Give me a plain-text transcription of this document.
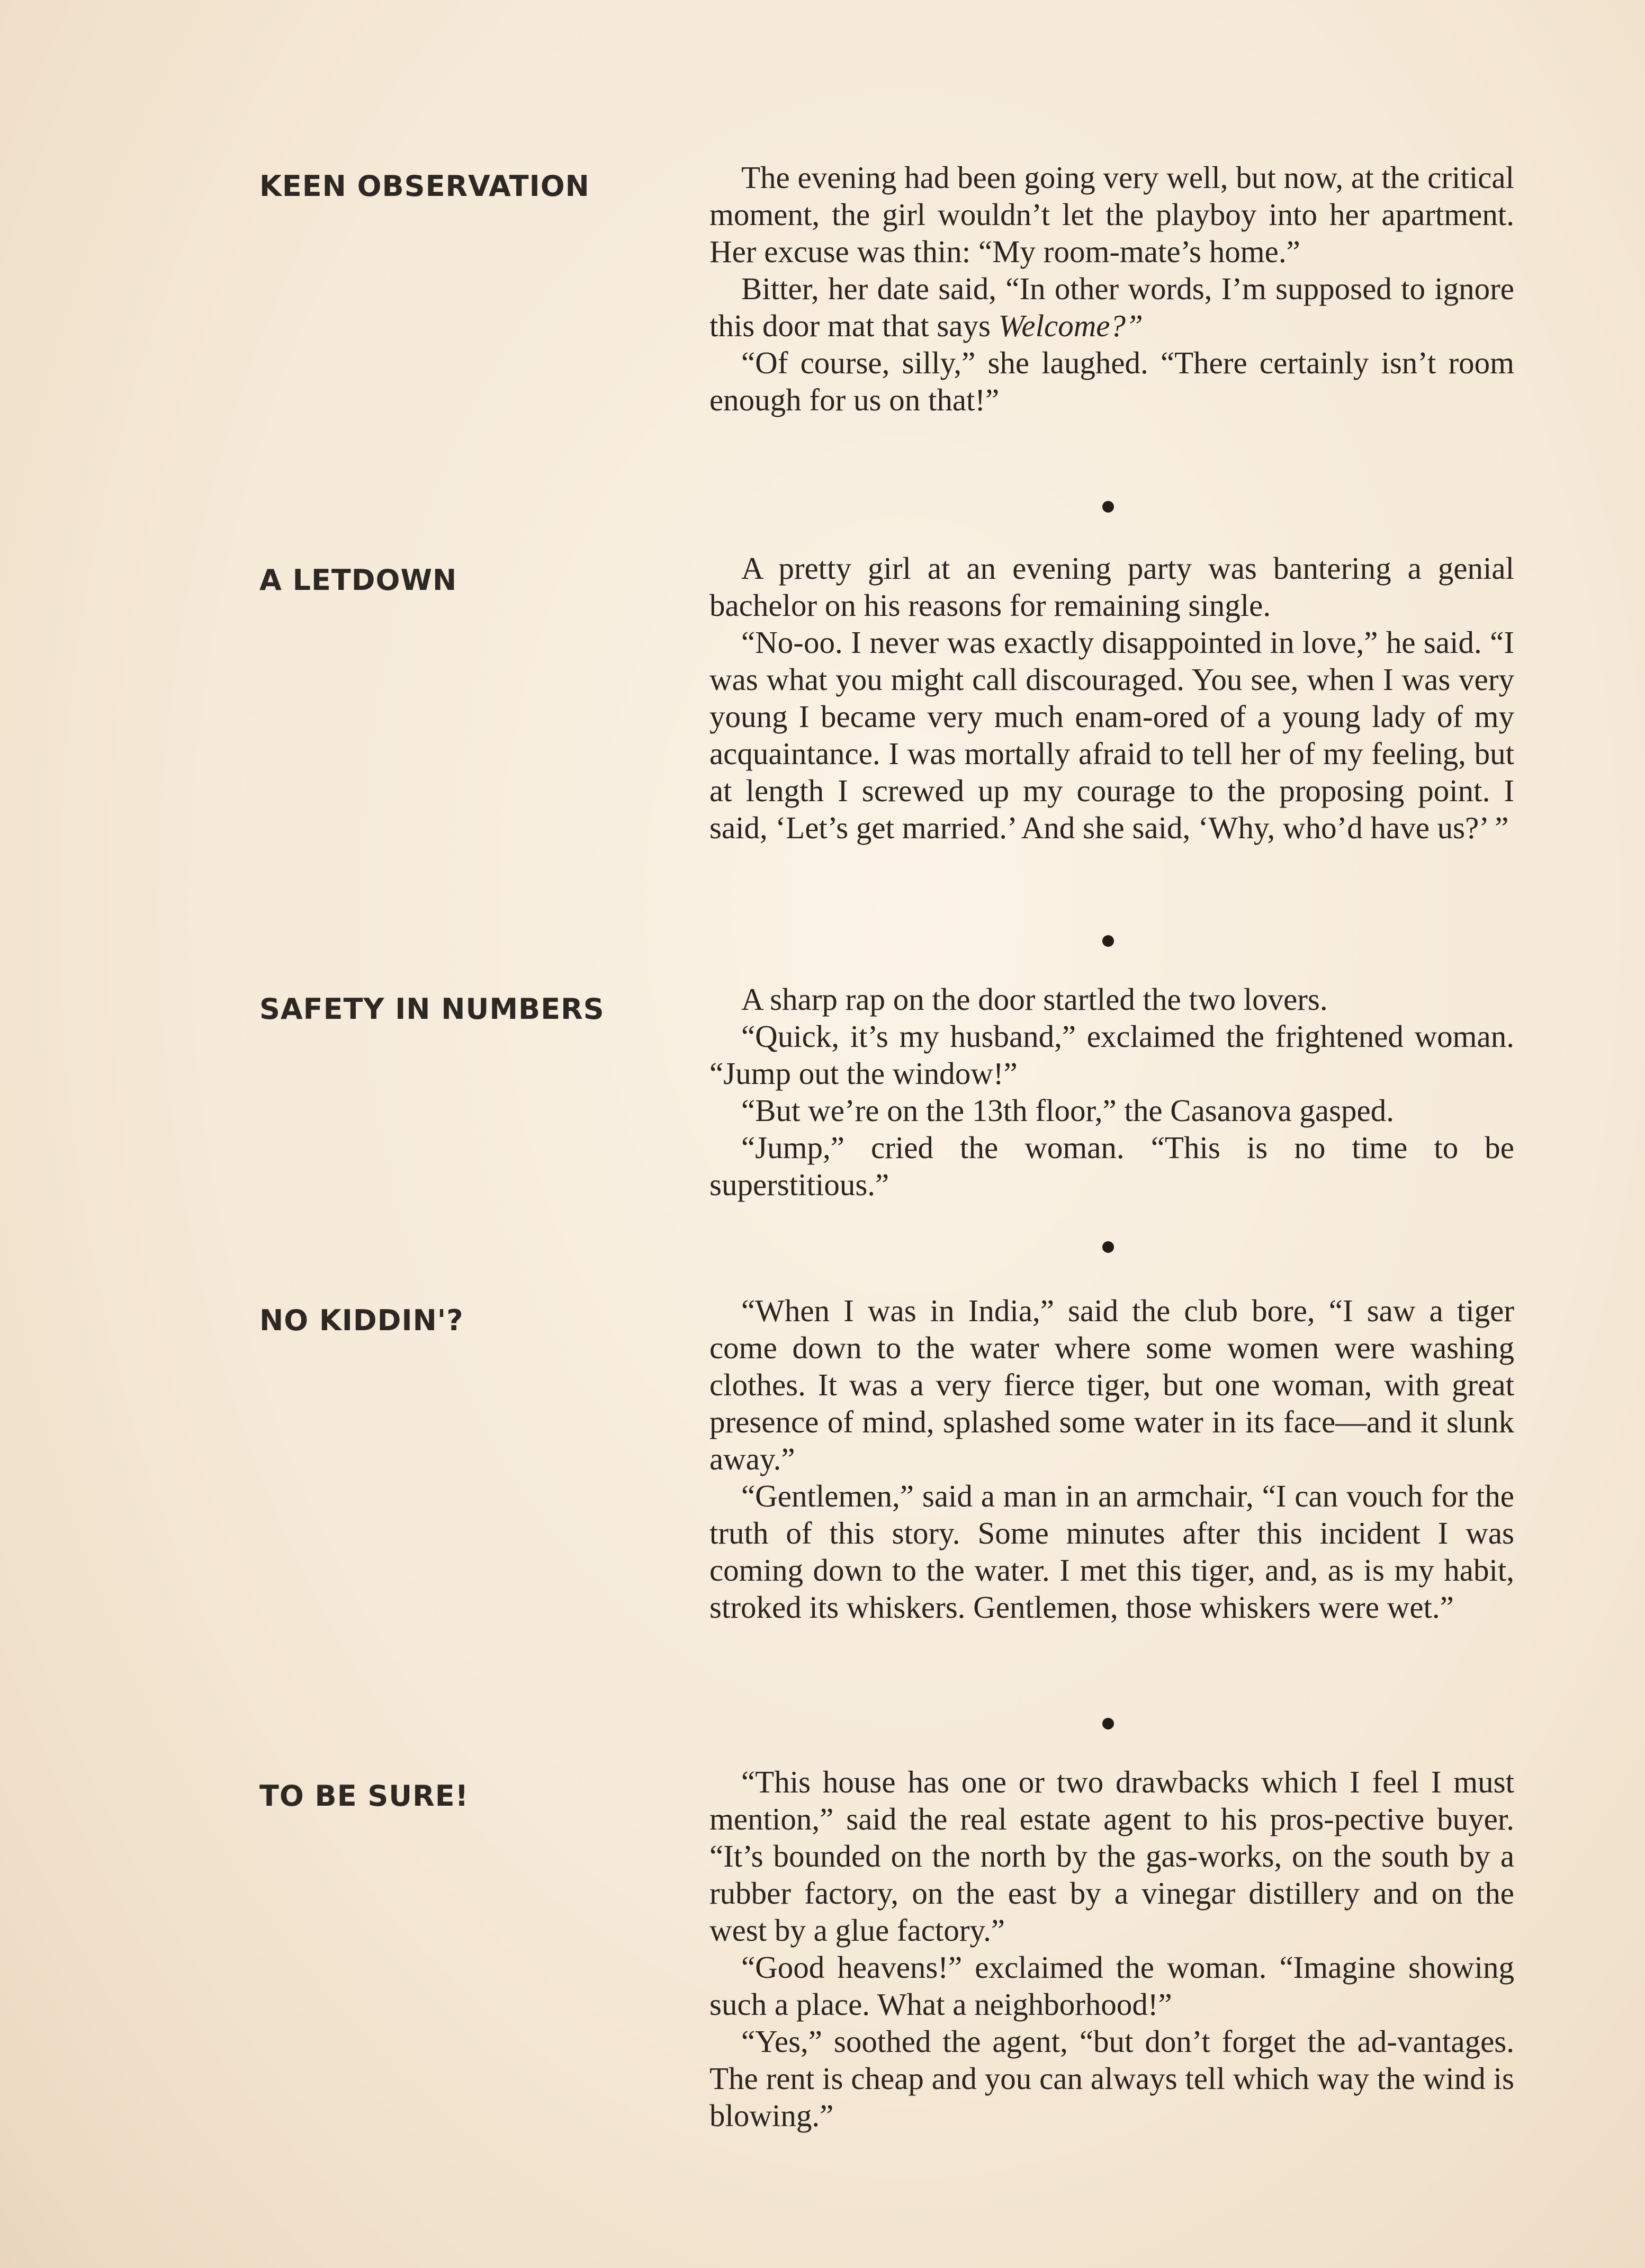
KEEN OBSERVATION	The evening had been going very well, but now, at the critical moment, the girl wouldn’t let the playboy into her apartment. Her excuse was thin: “My room-mate’s home.”

Bitter, her date said, “In other words, I’m supposed to ignore this door mat that says Welcome?”

“Of course, silly,” she laughed. “There certainly isn’t room enough for us on that!”

A LETDOWN	A pretty girl at an evening party was bantering a genial bachelor on his reasons for remaining single.

“No-oo. I never was exactly disappointed in love,” he said. “I was what you might call discouraged. You see, when I was very young I became very much enam-ored of a young lady of my acquaintance. I was mortally afraid to tell her of my feeling, but at length I screwed up my courage to the proposing point. I said, ‘Let’s get married.’ And she said, ‘Why, who’d have us?’ ”

SAFETY IN NUMBERS	A sharp rap on the door startled the two lovers.

“Quick, it’s my husband,” exclaimed the frightened woman. “Jump out the window!”

“But we’re on the 13th floor,” the Casanova gasped.

“Jump,” cried the woman. “This is no time to be superstitious.”

NO KIDDIN'?	“When I was in India,” said the club bore, “I saw a tiger come down to the water where some women were washing clothes. It was a very fierce tiger, but one woman, with great presence of mind, splashed some water in its face—and it slunk away.”

“Gentlemen,” said a man in an armchair, “I can vouch for the truth of this story. Some minutes after this incident I was coming down to the water. I met this tiger, and, as is my habit, stroked its whiskers. Gentlemen, those whiskers were wet.”

TO BE SURE!	“This house has one or two drawbacks which I feel I must mention,” said the real estate agent to his pros-pective buyer. “It’s bounded on the north by the gas-works, on the south by a rubber factory, on the east by a vinegar distillery and on the west by a glue factory.”

“Good heavens!” exclaimed the woman. “Imagine showing such a place. What a neighborhood!”

“Yes,” soothed the agent, “but don’t forget the ad-vantages. The rent is cheap and you can always tell which way the wind is blowing.”
